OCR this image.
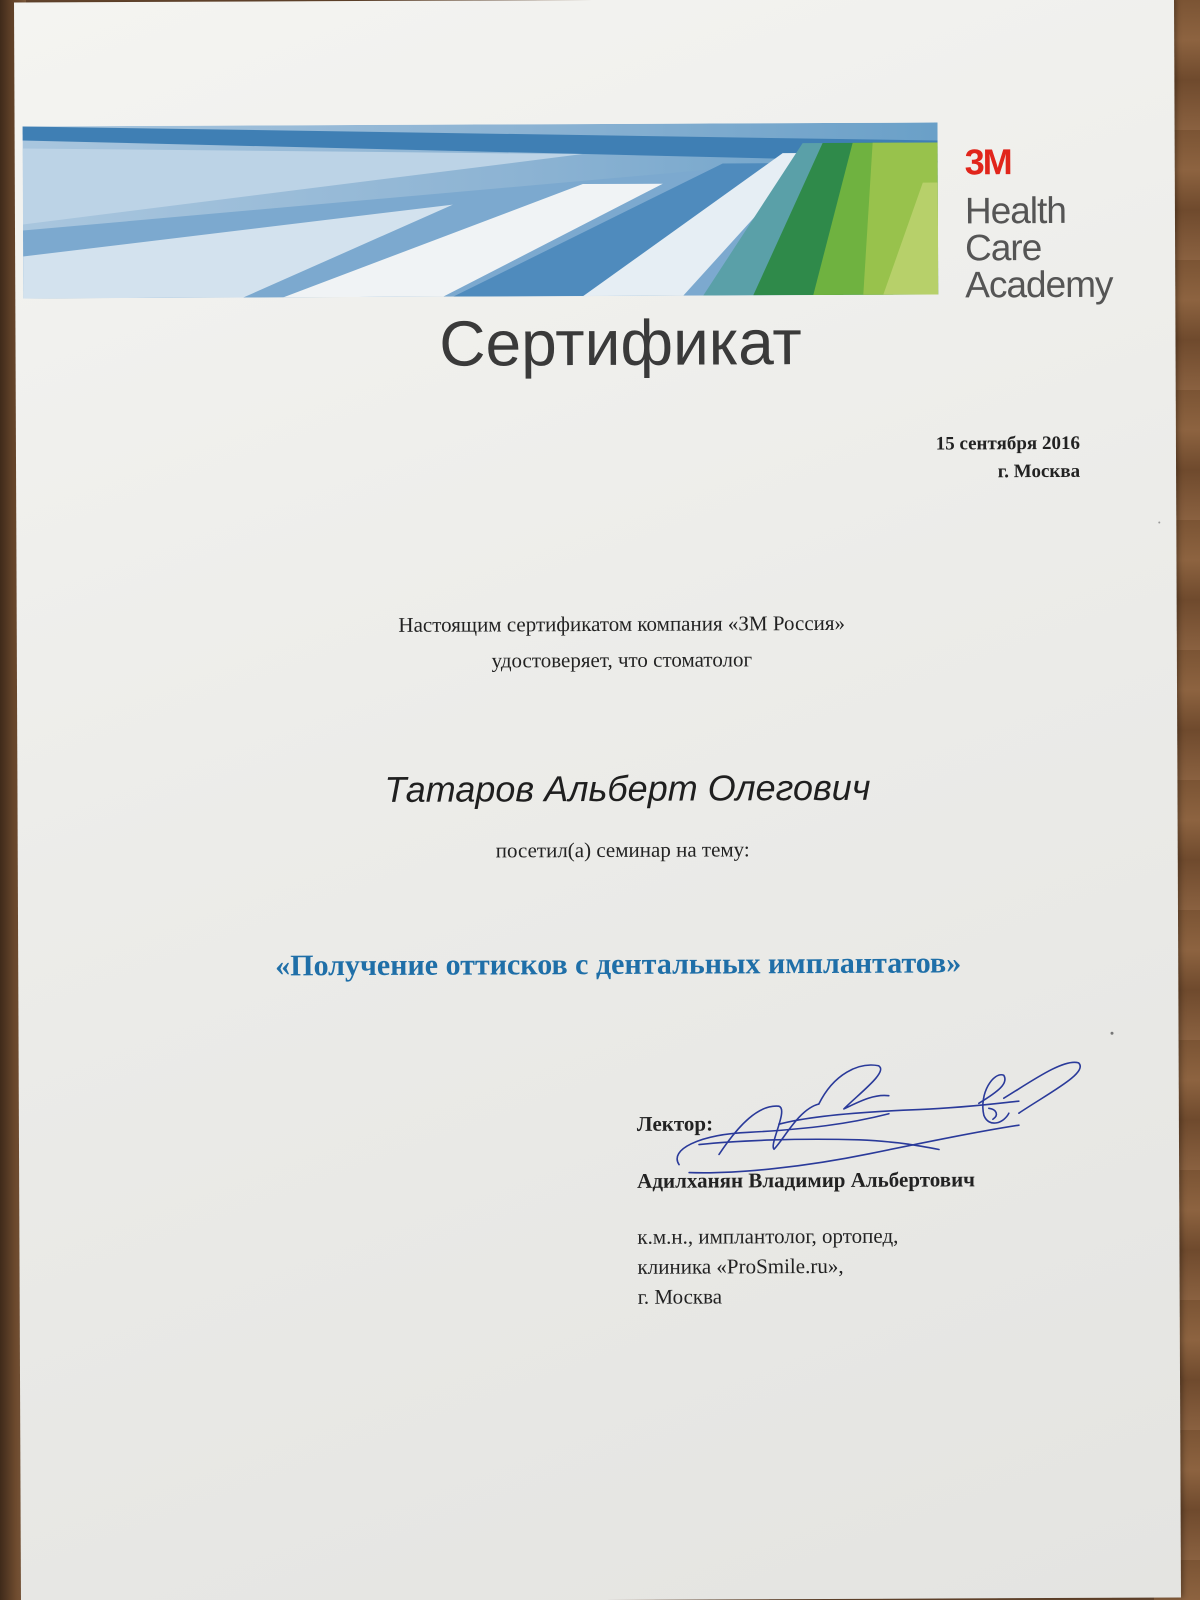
3M
Health
Care
Academy
Сертификат
15 сентября 2016
г. Москва
Настоящим сертификатом компания «ЗМ Россия»
удостоверяет, что стоматолог
Татаров Альберт Олегович
посетил(а) семинар на тему:
«Получение оттисков с дентальных имплантатов»
Лектор:
Адилханян Владимир Альбертович
к.м.н., имплантолог, ортопед,
клиника «ProSmile.ru»,
г. Москва
